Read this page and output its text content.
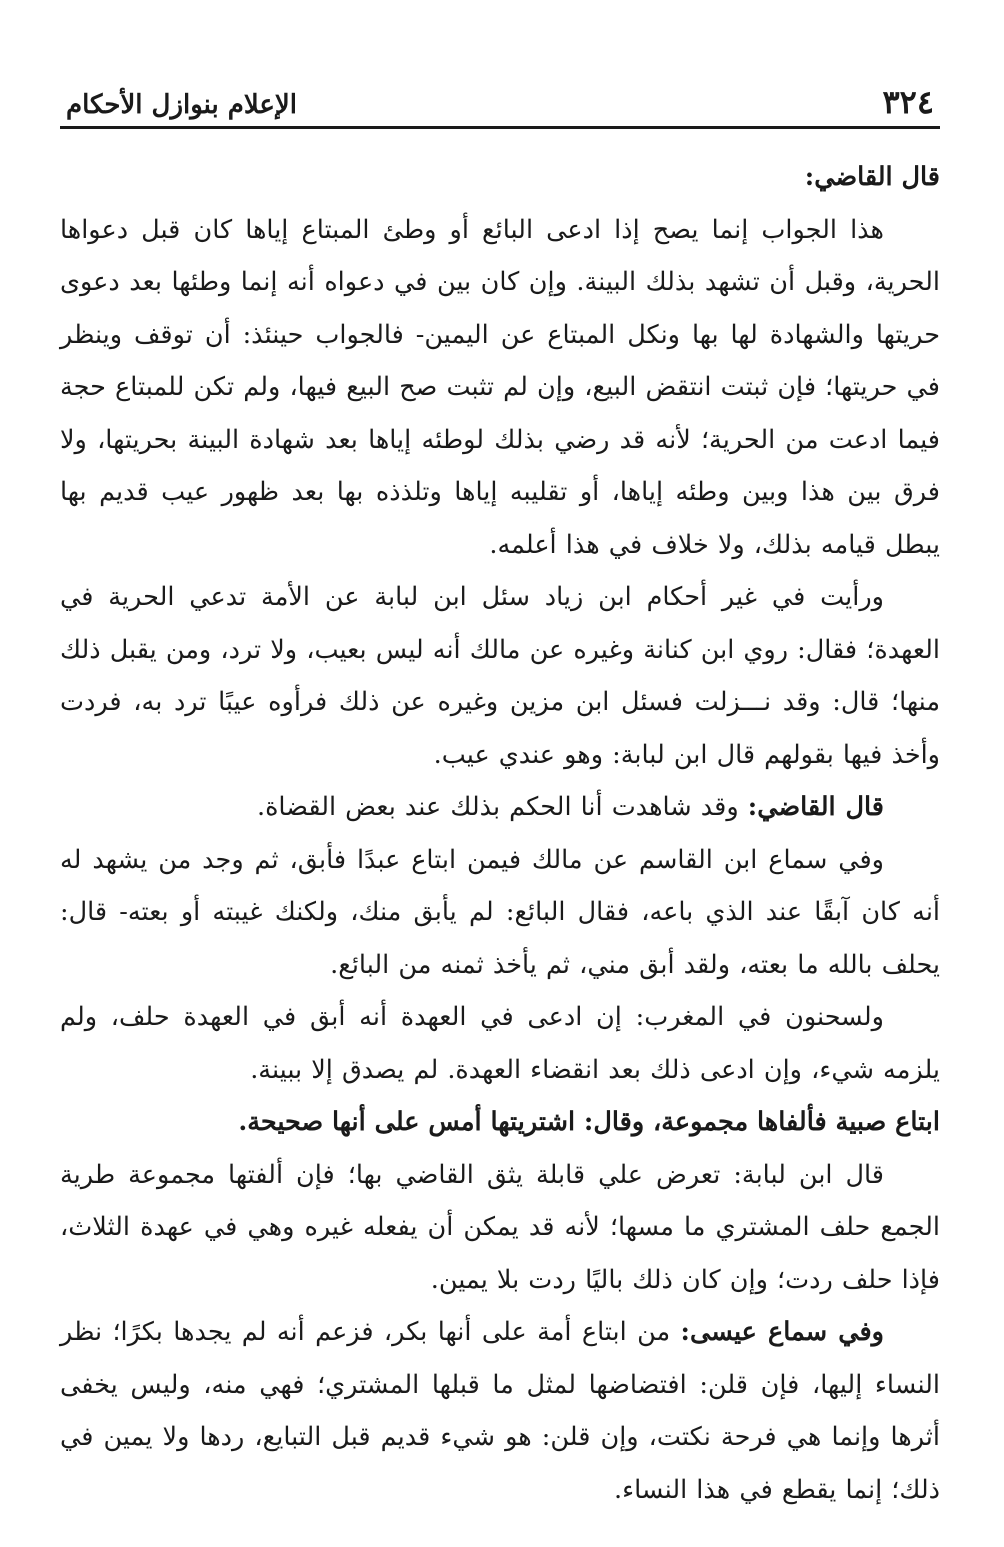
٣٢٤
الإعلام بنوازل الأحكام

قال القاضي:

هذا الجواب إنما يصح إذا ادعى البائع أو وطئ المبتاع إياها كان قبل دعواها الحرية، وقبل أن تشهد بذلك البينة. وإن كان بين في دعواه أنه إنما وطئها بعد دعوى حريتها والشهادة لها بها ونكل المبتاع عن اليمين- فالجواب حينئذ: أن توقف وينظر في حريتها؛ فإن ثبتت انتقض البيع، وإن لم تثبت صح البيع فيها، ولم تكن للمبتاع حجة فيما ادعت من الحرية؛ لأنه قد رضي بذلك لوطئه إياها بعد شهادة البينة بحريتها، ولا فرق بين هذا وبين وطئه إياها، أو تقليبه إياها وتلذذه بها بعد ظهور عيب قديم بها يبطل قيامه بذلك، ولا خلاف في هذا أعلمه.

ورأيت في غير أحكام ابن زياد سئل ابن لبابة عن الأمة تدعي الحرية في العهدة؛ فقال: روي ابن كنانة وغيره عن مالك أنه ليس بعيب، ولا ترد، ومن يقبل ذلك منها؛ قال: وقد نـــزلت فسئل ابن مزين وغيره عن ذلك فرأوه عيبًا ترد به، فردت وأخذ فيها بقولهم قال ابن لبابة: وهو عندي عيب.

قال القاضي: وقد شاهدت أنا الحكم بذلك عند بعض القضاة.

وفي سماع ابن القاسم عن مالك فيمن ابتاع عبدًا فأبق، ثم وجد من يشهد له أنه كان آبقًا عند الذي باعه، فقال البائع: لم يأبق منك، ولكنك غيبته أو بعته- قال: يحلف بالله ما بعته، ولقد أبق مني، ثم يأخذ ثمنه من البائع.

ولسحنون في المغرب: إن ادعى في العهدة أنه أبق في العهدة حلف، ولم يلزمه شيء، وإن ادعى ذلك بعد انقضاء العهدة. لم يصدق إلا ببينة.

ابتاع صبية فألفاها مجموعة، وقال: اشتريتها أمس على أنها صحيحة.

قال ابن لبابة: تعرض علي قابلة يثق القاضي بها؛ فإن ألفتها مجموعة طرية الجمع حلف المشتري ما مسها؛ لأنه قد يمكن أن يفعله غيره وهي في عهدة الثلاث، فإذا حلف ردت؛ وإن كان ذلك باليًا ردت بلا يمين.

وفي سماع عيسى: من ابتاع أمة على أنها بكر، فزعم أنه لم يجدها بكرًا؛ نظر النساء إليها، فإن قلن: افتضاضها لمثل ما قبلها المشتري؛ فهي منه، وليس يخفى أثرها وإنما هي فرحة نكتت، وإن قلن: هو شيء قديم قبل التبايع، ردها ولا يمين في ذلك؛ إنما يقطع في هذا النساء.
